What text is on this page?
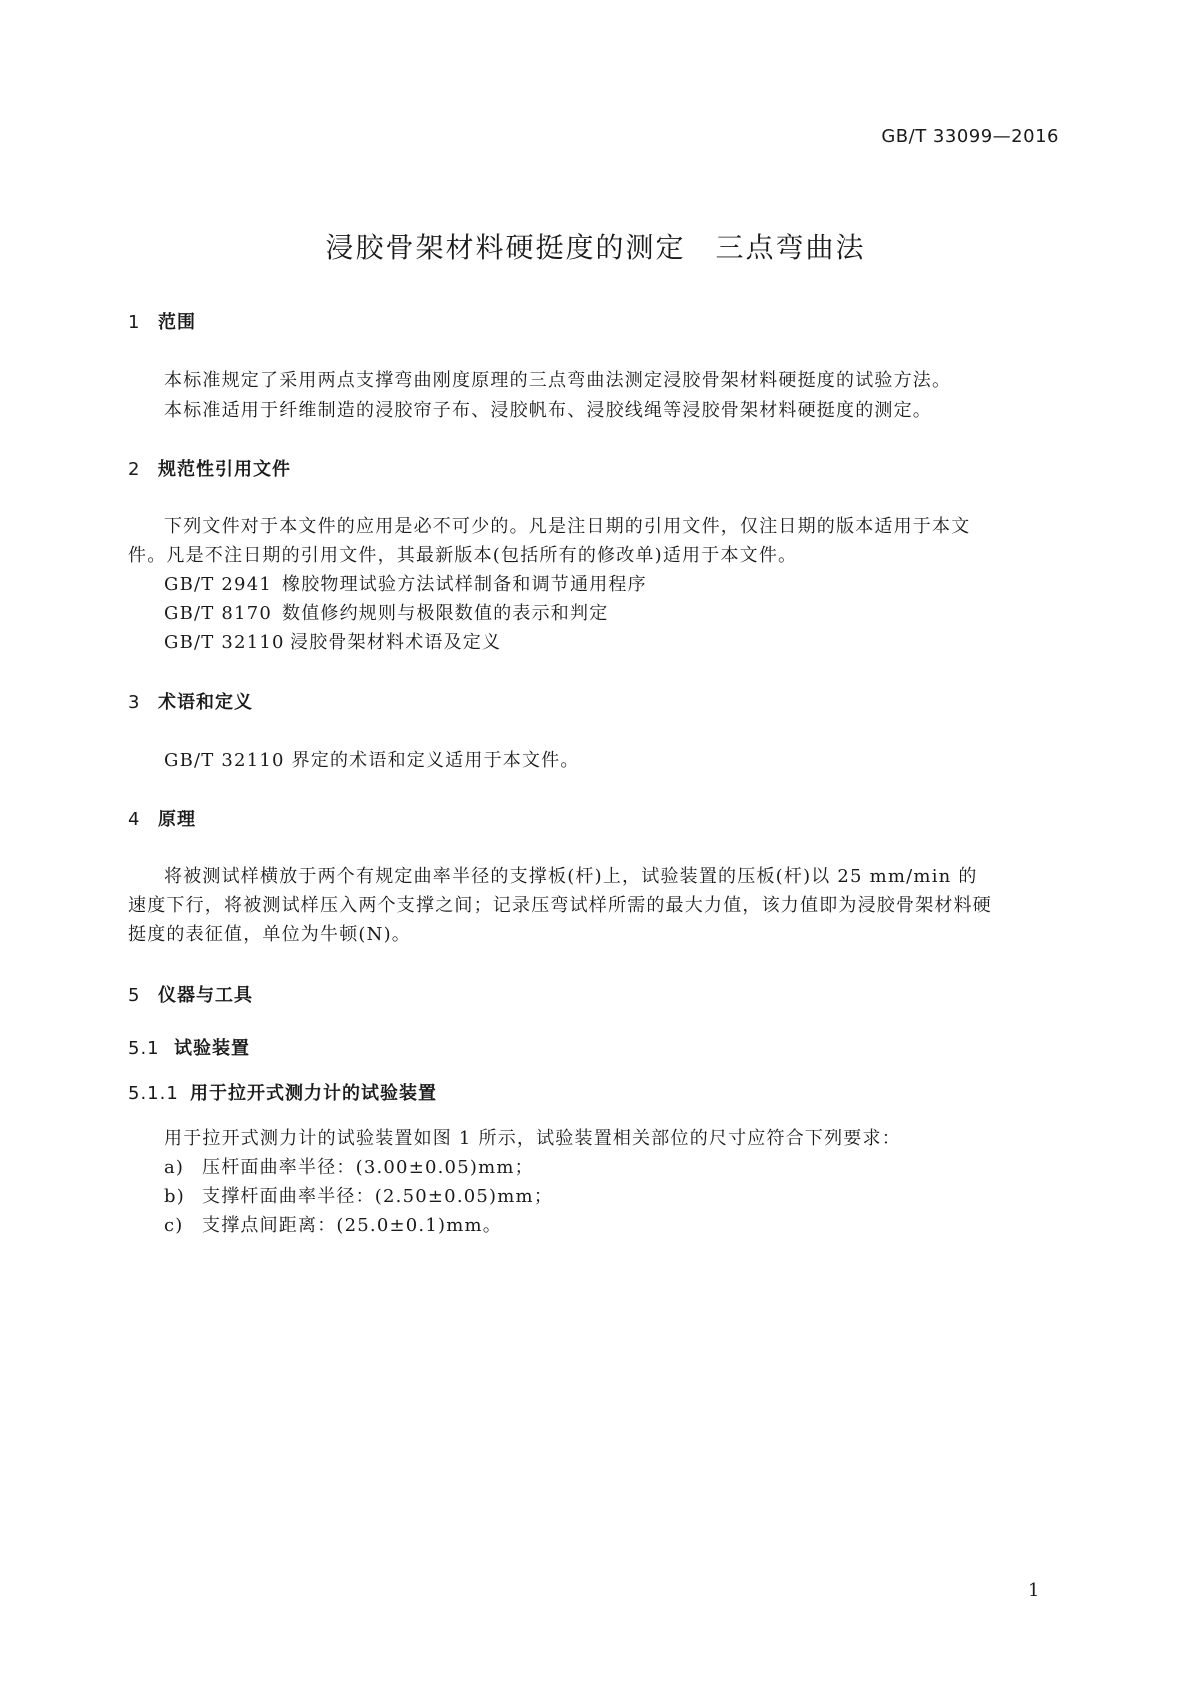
GB/T 33099—2016
浸胶骨架材料硬挺度的测定　三点弯曲法
1 范围
本标准规定了采用两点支撑弯曲刚度原理的三点弯曲法测定浸胶骨架材料硬挺度的试验方法。
本标准适用于纤维制造的浸胶帘子布、浸胶帆布、浸胶线绳等浸胶骨架材料硬挺度的测定。
2 规范性引用文件
下列文件对于本文件的应用是必不可少的。凡是注日期的引用文件，仅注日期的版本适用于本文
件。凡是不注日期的引用文件，其最新版本(包括所有的修改单)适用于本文件。
GB/T 2941 橡胶物理试验方法试样制备和调节通用程序
GB/T 8170 数值修约规则与极限数值的表示和判定
GB/T 32110 浸胶骨架材料术语及定义
3 术语和定义
GB/T 32110 界定的术语和定义适用于本文件。
4 原理
将被测试样横放于两个有规定曲率半径的支撑板(杆)上，试验装置的压板(杆)以 25 mm/min 的
速度下行，将被测试样压入两个支撑之间；记录压弯试样所需的最大力值，该力值即为浸胶骨架材料硬
挺度的表征值，单位为牛顿(N)。
5 仪器与工具
5.1 试验装置
5.1.1 用于拉开式测力计的试验装置
用于拉开式测力计的试验装置如图 1 所示，试验装置相关部位的尺寸应符合下列要求：
a) 压杆面曲率半径：(3.00±0.05)mm；
b) 支撑杆面曲率半径：(2.50±0.05)mm；
c) 支撑点间距离：(25.0±0.1)mm。
1
